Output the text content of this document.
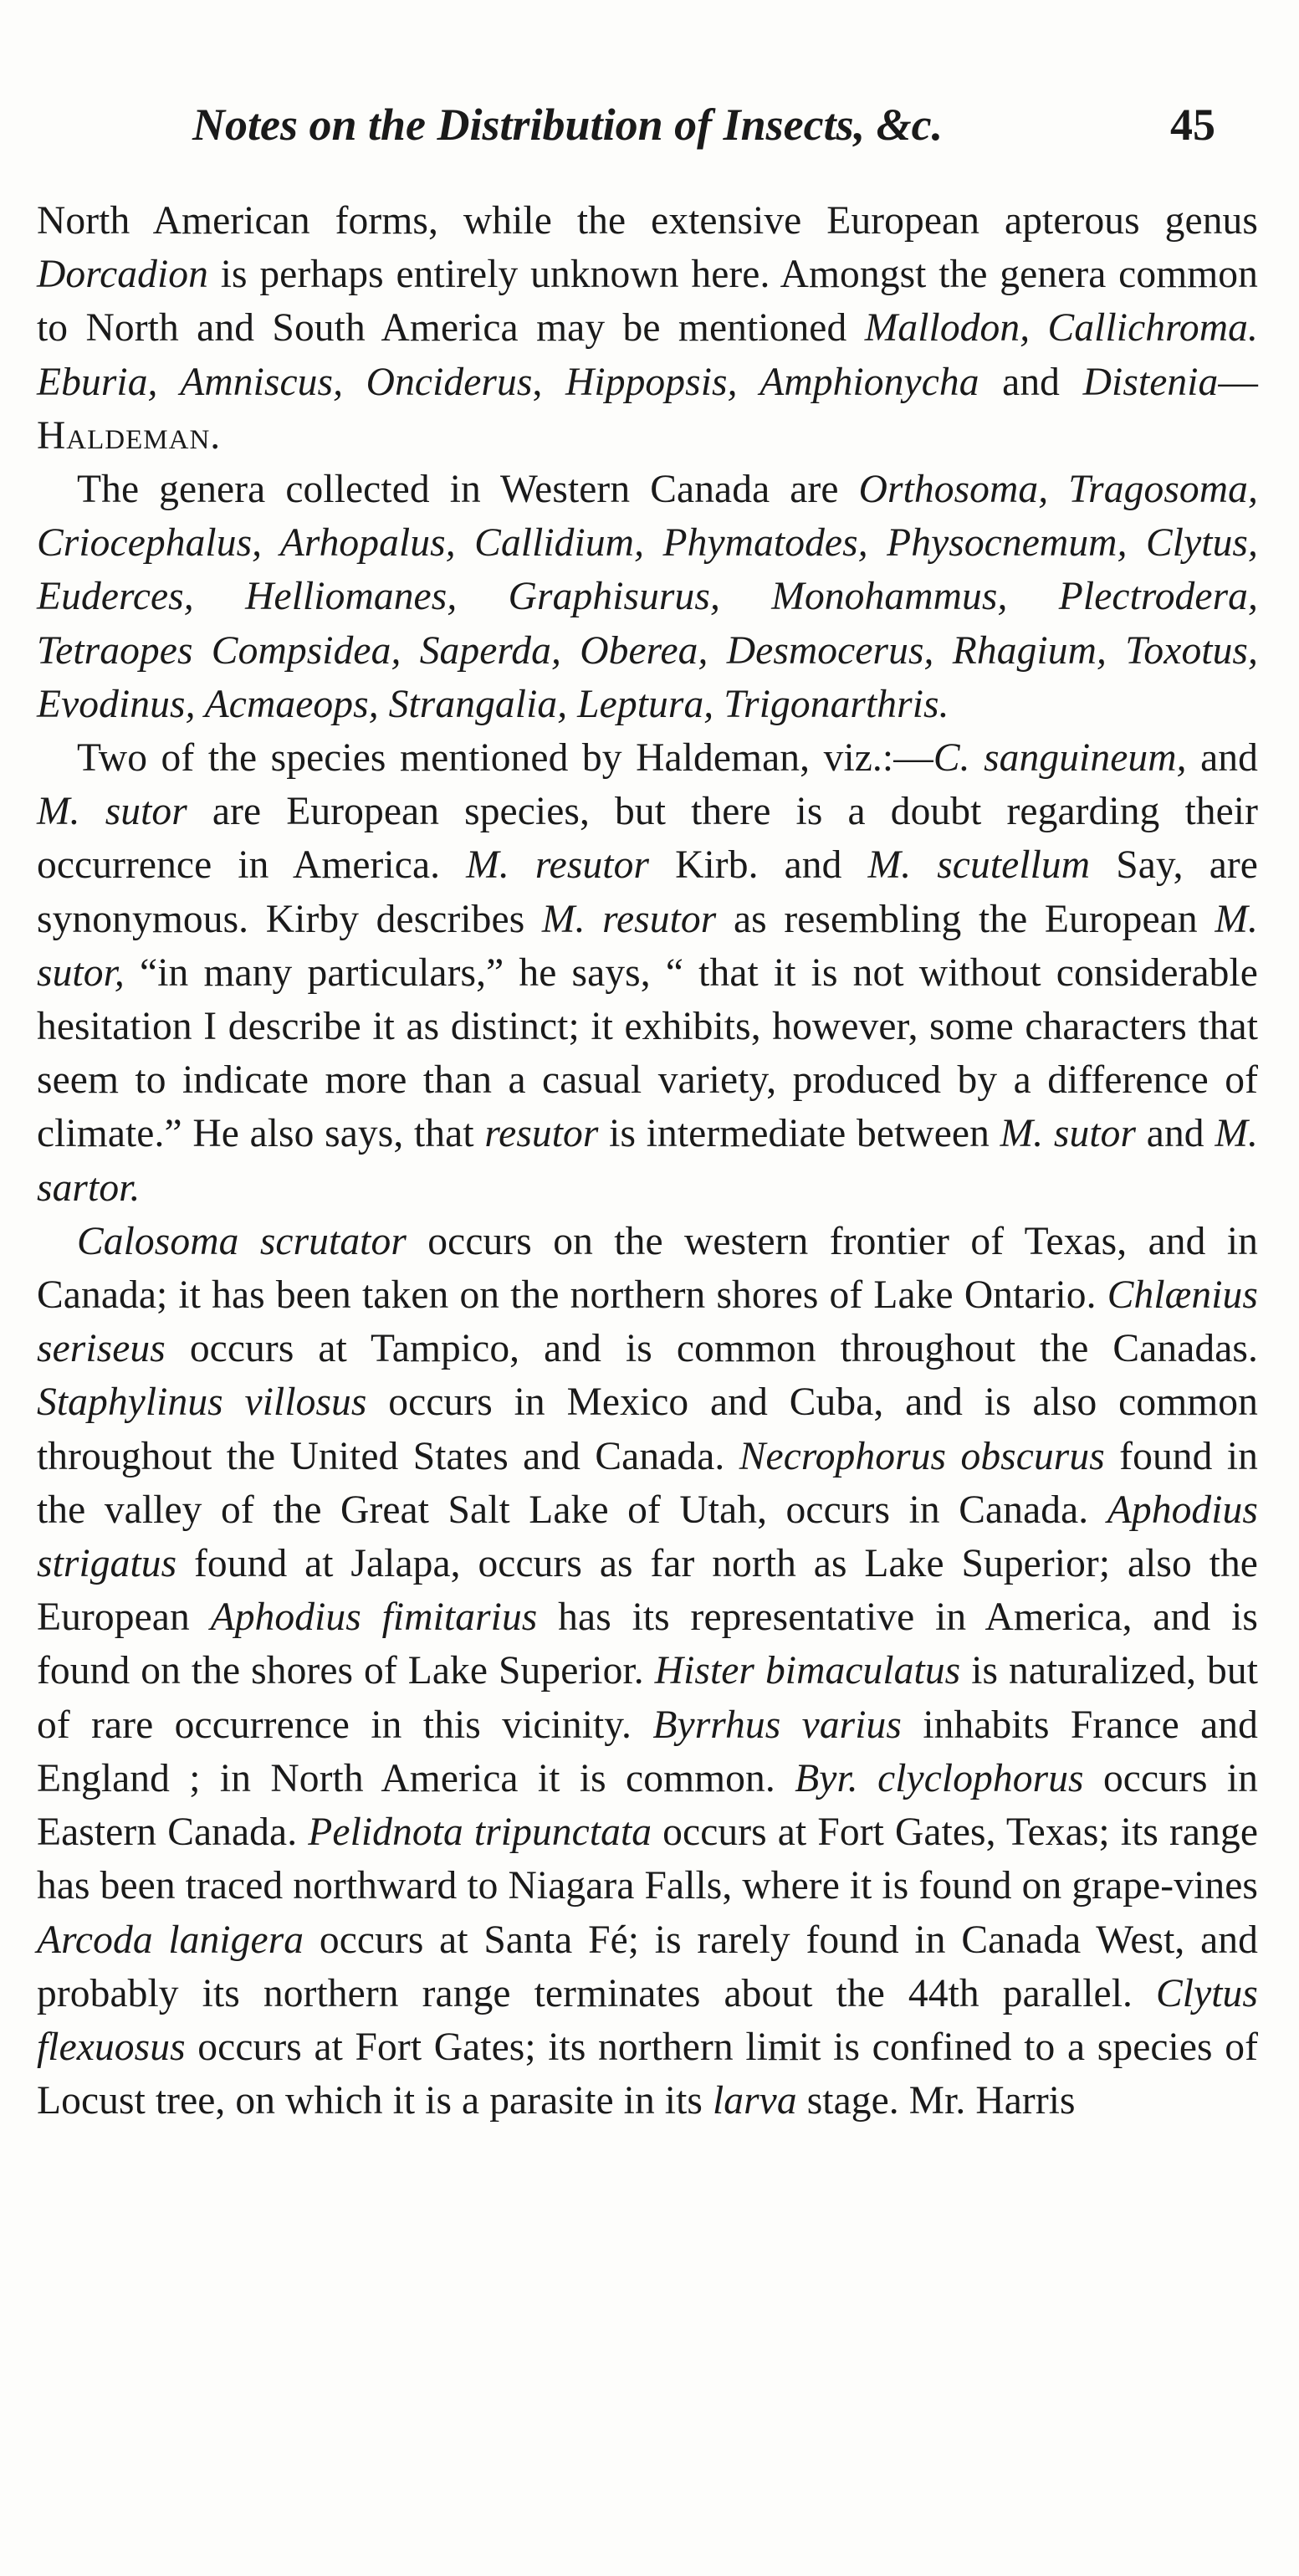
Notes on the Distribution of Insects, &c.	45

North American forms, while the extensive European apterous genus Dorcadion is perhaps entirely unknown here. Amongst the genera common to North and South America may be mentioned Mallodon, Callichroma. Eburia, Amniscus, Onciderus, Hippopsis, Amphionycha and Distenia—Haldeman.

The genera collected in Western Canada are Orthosoma, Tragosoma, Criocephalus, Arhopalus, Callidium, Phymatodes, Physocnemum, Clytus, Euderces, Helliomanes, Graphisurus, Monohammus, Plectrodera, Tetraopes Compsidea, Saperda, Oberea, Desmocerus, Rhagium, Toxotus, Evodinus, Acmaeops, Strangalia, Leptura, Trigonarthris.

Two of the species mentioned by Haldeman, viz.:—C. sanguineum, and M. sutor are European species, but there is a doubt regarding their occurrence in America. M. resutor Kirb. and M. scutellum Say, are synonymous. Kirby describes M. resutor as resembling the European M. sutor, “in many particulars,” he says, “ that it is not without considerable hesitation I describe it as distinct; it exhibits, however, some characters that seem to indicate more than a casual variety, produced by a difference of climate.” He also says, that resutor is intermediate between M. sutor and M. sartor.

Calosoma scrutator occurs on the western frontier of Texas, and in Canada; it has been taken on the northern shores of Lake Ontario. Chlænius seriseus occurs at Tampico, and is common throughout the Canadas. Staphylinus villosus occurs in Mexico and Cuba, and is also common throughout the United States and Canada. Necrophorus obscurus found in the valley of the Great Salt Lake of Utah, occurs in Canada. Aphodius strigatus found at Jalapa, occurs as far north as Lake Superior; also the European Aphodius fimitarius has its representative in America, and is found on the shores of Lake Superior. Hister bimaculatus is naturalized, but of rare occurrence in this vicinity. Byrrhus varius inhabits France and England ; in North America it is common. Byr. clyclophorus occurs in Eastern Canada. Pelidnota tripunctata occurs at Fort Gates, Texas; its range has been traced northward to Niagara Falls, where it is found on grape-vines Arcoda lanigera occurs at Santa Fé; is rarely found in Canada West, and probably its northern range terminates about the 44th parallel. Clytus flexuosus occurs at Fort Gates; its northern limit is confined to a species of Locust tree, on which it is a parasite in its larva stage. Mr. Harris
